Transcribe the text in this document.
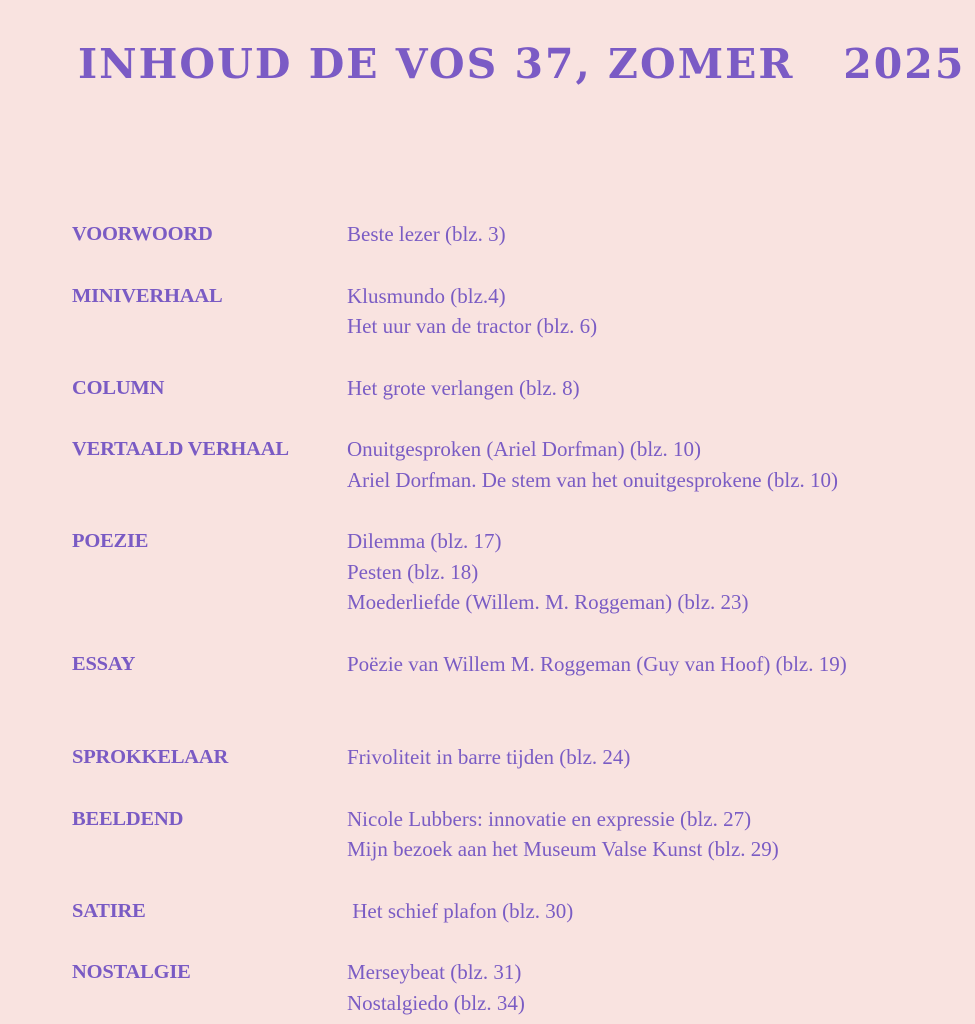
INHOUD DE VOS 37, ZOMER   2025
VOORWOORD	Beste lezer (blz. 3)
MINIVERHAAL	Klusmundo (blz.4)
Het uur van de tractor (blz. 6)
COLUMN	Het grote verlangen (blz. 8)
VERTAALD VERHAAL	Onuitgesproken (Ariel Dorfman) (blz. 10)
Ariel Dorfman. De stem van het onuitgesprokene (blz. 10)
POEZIE	Dilemma (blz. 17)
Pesten (blz. 18)
Moederliefde (Willem. M. Roggeman) (blz. 23)
ESSAY	Poëzie van Willem M. Roggeman (Guy van Hoof) (blz. 19)
SPROKKELAAR	Frivoliteit in barre tijden (blz. 24)
BEELDEND	Nicole Lubbers: innovatie en expressie (blz. 27)
Mijn bezoek aan het Museum Valse Kunst (blz. 29)
SATIRE	Het schief plafon (blz. 30)
NOSTALGIE	Merseybeat (blz. 31)
Nostalgiedo (blz. 34)
